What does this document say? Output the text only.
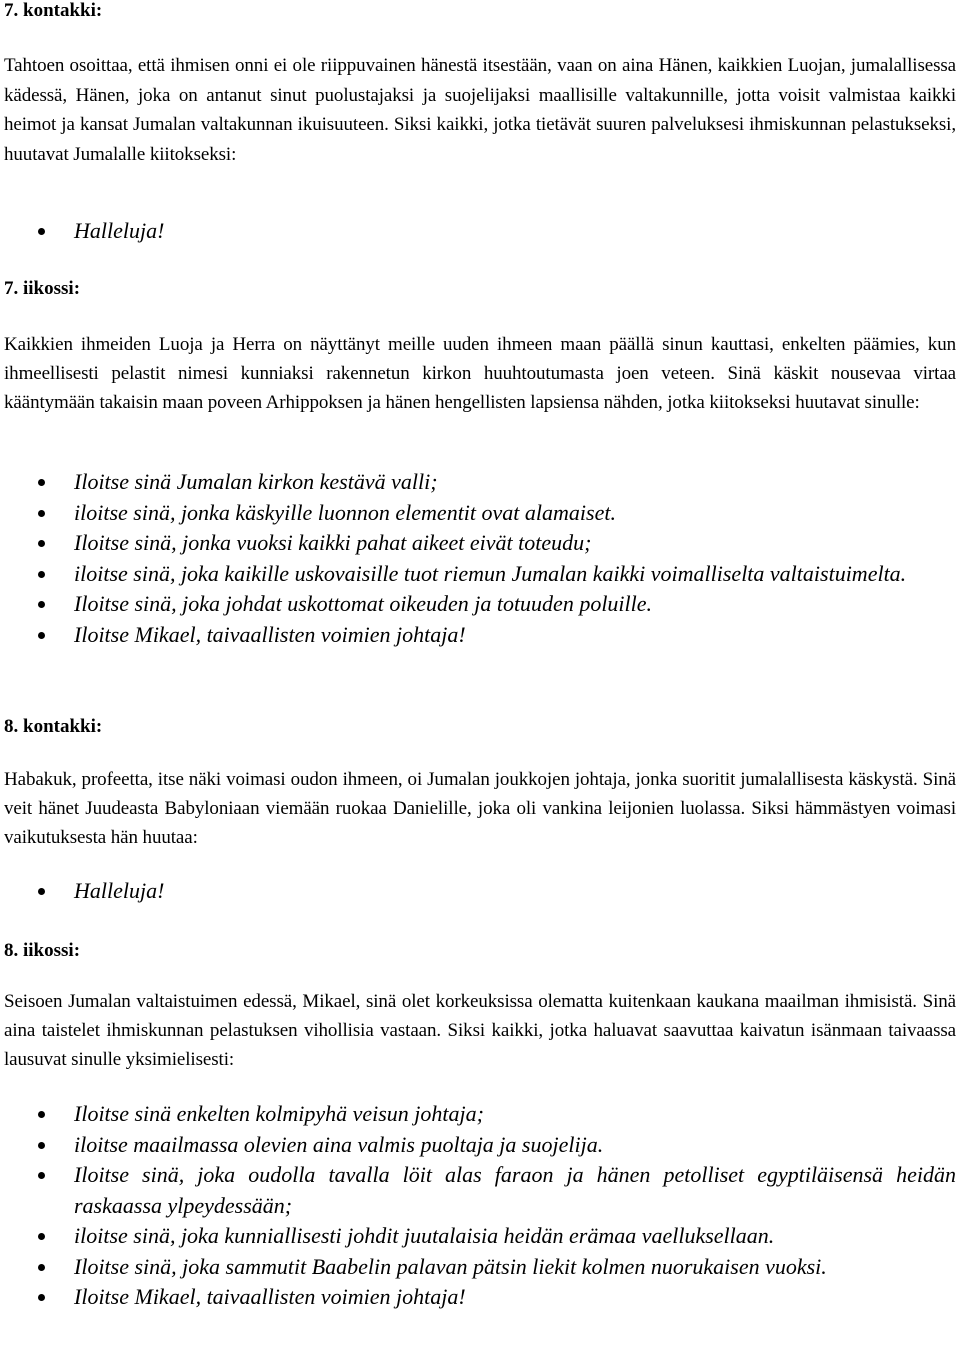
7. kontakki:

Tahtoen osoittaa, että ihmisen onni ei ole riippuvainen hänestä itsestään, vaan on aina Hänen, kaikkien Luojan, jumalallisessa kädessä, Hänen, joka on antanut sinut puolustajaksi ja suojelijaksi maallisille valtakunnille, jotta voisit valmistaa kaikki heimot ja kansat Jumalan valtakunnan ikuisuuteen. Siksi kaikki, jotka tietävät suuren palveluksesi ihmiskunnan pelastukseksi, huutavat Jumalalle kiitokseksi:

Halleluja!
7. iikossi:

Kaikkien ihmeiden Luoja ja Herra on näyttänyt meille uuden ihmeen maan päällä sinun kauttasi, enkelten päämies, kun ihmeellisesti pelastit nimesi kunniaksi rakennetun kirkon huuhtoutumasta joen veteen. Sinä käskit nousevaa virtaa kääntymään takaisin maan poveen Arhippoksen ja hänen hengellisten lapsiensa nähden, jotka kiitokseksi huutavat sinulle:

Iloitse sinä Jumalan kirkon kestävä valli;
iloitse sinä, jonka käskyille luonnon elementit ovat alamaiset.
Iloitse sinä, jonka vuoksi kaikki pahat aikeet eivät toteudu;
iloitse sinä, joka kaikille uskovaisille tuot riemun Jumalan kaikki voimalliselta valtaistuimelta.
Iloitse sinä, joka johdat uskottomat oikeuden ja totuuden poluille.
Iloitse Mikael, taivaallisten voimien johtaja!
8. kontakki:

Habakuk, profeetta, itse näki voimasi oudon ihmeen, oi Jumalan joukkojen johtaja, jonka suoritit jumalallisesta käskystä. Sinä veit hänet Juudeasta Babyloniaan viemään ruokaa Danielille, joka oli vankina leijonien luolassa. Siksi hämmästyen voimasi vaikutuksesta hän huutaa:

Halleluja!
8. iikossi:

Seisoen Jumalan valtaistuimen edessä, Mikael, sinä olet korkeuksissa olematta kuitenkaan kaukana maailman ihmisistä. Sinä aina taistelet ihmiskunnan pelastuksen vihollisia vastaan. Siksi kaikki, jotka haluavat saavuttaa kaivatun isänmaan taivaassa lausuvat sinulle yksimielisesti:

Iloitse sinä enkelten kolmipyhä veisun johtaja;
iloitse maailmassa olevien aina valmis puoltaja ja suojelija.
Iloitse sinä, joka oudolla tavalla löit alas faraon ja hänen petolliset egyptiläisensä heidän raskaassa ylpeydessään;
iloitse sinä, joka kunniallisesti johdit juutalaisia heidän erämaa vaelluksellaan.
Iloitse sinä, joka sammutit Baabelin palavan pätsin liekit kolmen nuorukaisen vuoksi.
Iloitse Mikael, taivaallisten voimien johtaja!
